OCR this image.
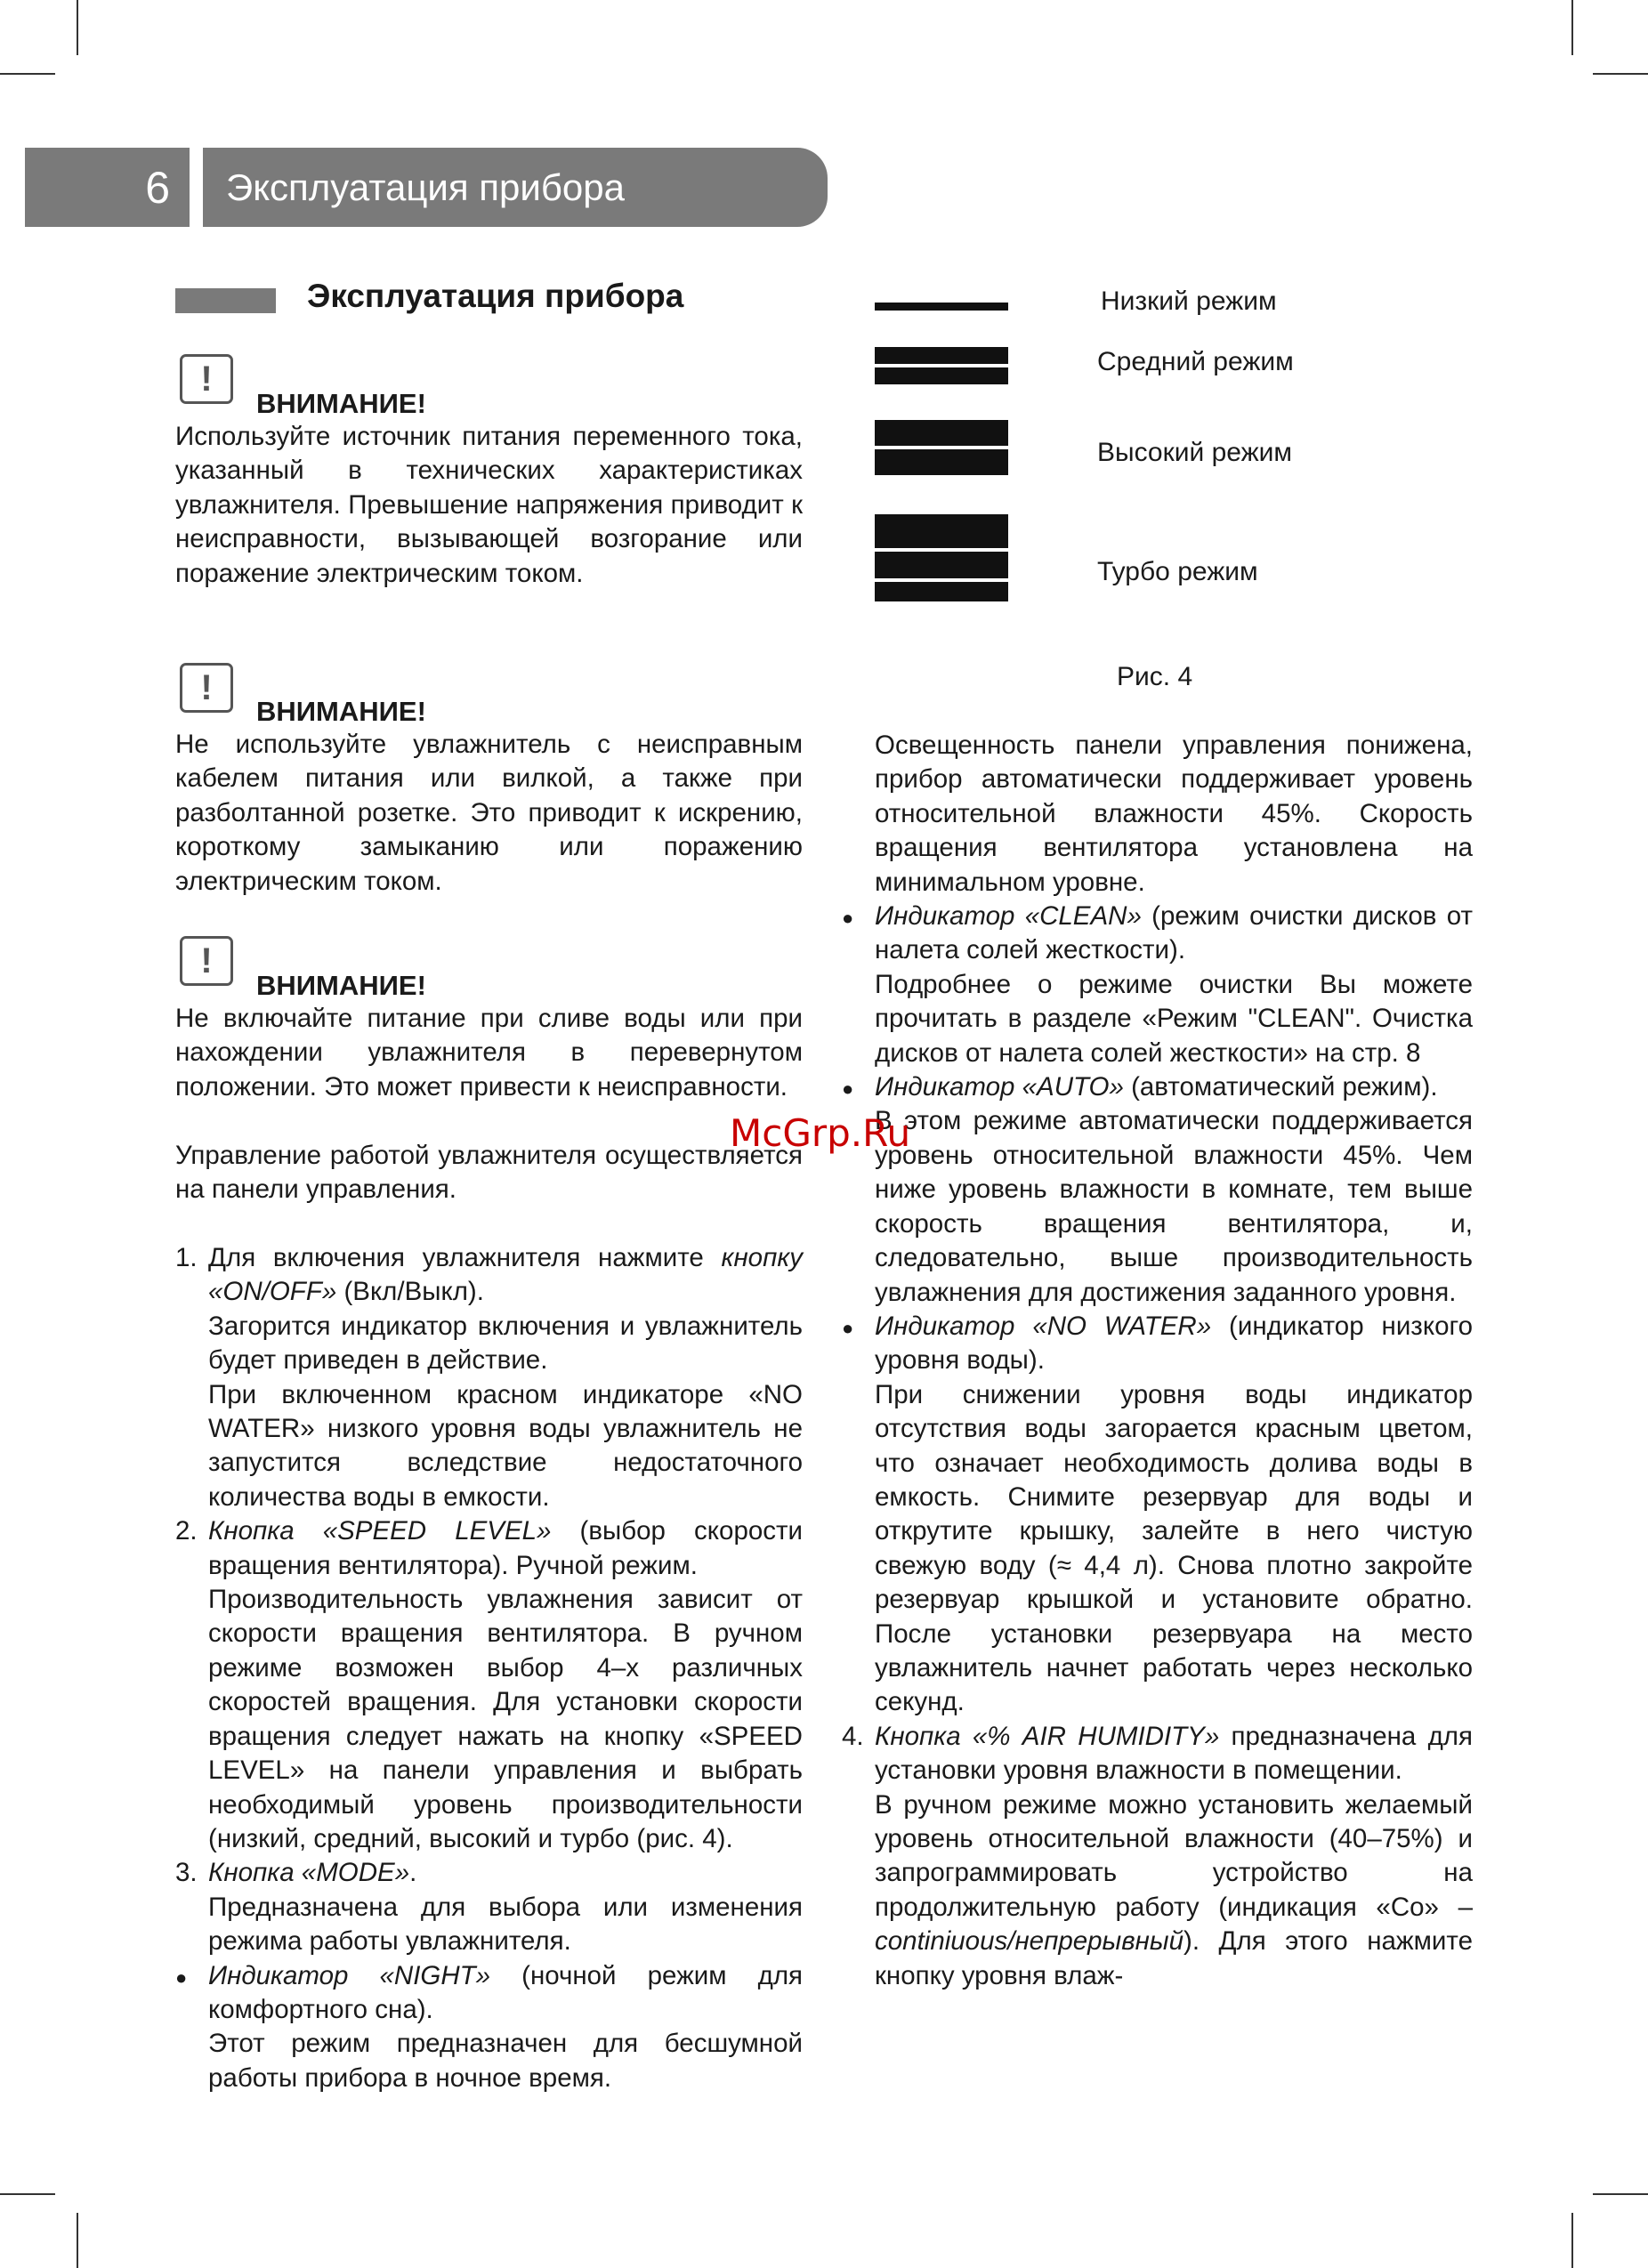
6	Эксплуатация прибора
Эксплуатация прибора
!
ВНИМАНИЕ!

Используйте источник питания переменного тока, указанный в технических характеристиках увлажнителя. Превышение напряжения приводит к неисправности, вызывающей возгорание или поражение электрическим током.

!
ВНИМАНИЕ!

Не используйте увлажнитель с неисправным кабелем питания или вилкой, а также при разболтанной розетке. Это приводит к искрению, короткому замыканию или поражению электрическим током.

!
ВНИМАНИЕ!

Не включайте питание при сливе воды или при нахождении увлажнителя в перевернутом положении. Это может привести к неисправности.

Управление работой увлажнителя осуществляется на панели управления.

1. Для включения увлажнителя нажмите кнопку «ON/OFF» (Вкл/Выкл).

Загорится индикатор включения и увлажнитель будет приведен в действие.

При включенном красном индикаторе «NO WATER» низкого уровня воды увлажнитель не запустится вследствие недостаточного количества воды в емкости.

2. Кнопка «SPEED LEVEL» (выбор скорости вращения вентилятора). Ручной режим.

Производительность увлажнения зависит от скорости вращения вентилятора. В ручном режиме возможен выбор 4–х различных скоростей вращения. Для установки скорости вращения следует нажать на кнопку «SPEED LEVEL» на панели управления и выбрать необходимый уровень производительности (низкий, средний, высокий и турбо (рис. 4).

3. Кнопка «MODE».

Предназначена для выбора или изменения режима работы увлажнителя.

● Индикатор «NIGHT» (ночной режим для комфортного сна).

Этот режим предназначен для бесшумной работы прибора в ночное время.

Низкий режим
Средний режим
Высокий режим
Турбо режим
Рис. 4

Освещенность панели управления понижена, прибор автоматически поддерживает уровень относительной влажности 45%. Скорость вращения вентилятора установлена на минимальном уровне.

● Индикатор «CLEAN» (режим очистки дисков от налета солей жесткости).

Подробнее о режиме очистки Вы можете прочитать в разделе «Режим "CLEAN". Очистка дисков от налета солей жесткости» на стр. 8

● Индикатор «AUTO» (автоматический режим).

В этом режиме автоматически поддерживается уровень относительной влажности 45%. Чем ниже уровень влажности в комнате, тем выше скорость вращения вентилятора, и, следовательно, выше производительность увлажнения для достижения заданного уровня.

● Индикатор «NO WATER» (индикатор низкого уровня воды).

При снижении уровня воды индикатор отсутствия воды загорается красным цветом, что означает необходимость долива воды в емкость. Снимите резервуар для воды и открутите крышку, залейте в него чистую свежую воду (≈ 4,4 л). Снова плотно закройте резервуар крышкой и установите обратно. После установки резервуара на место увлажнитель начнет работать через несколько секунд.

4. Кнопка «% AIR HUMIDITY» предназначена для установки уровня влажности в помещении.

В ручном режиме можно установить желаемый уровень относительной влажности (40–75%) и запрограммировать устройство на продолжительную работу (индикация «Co» – continiuous/непрерывный). Для этого нажмите кнопку уровня влаж-

McGrp.Ru
